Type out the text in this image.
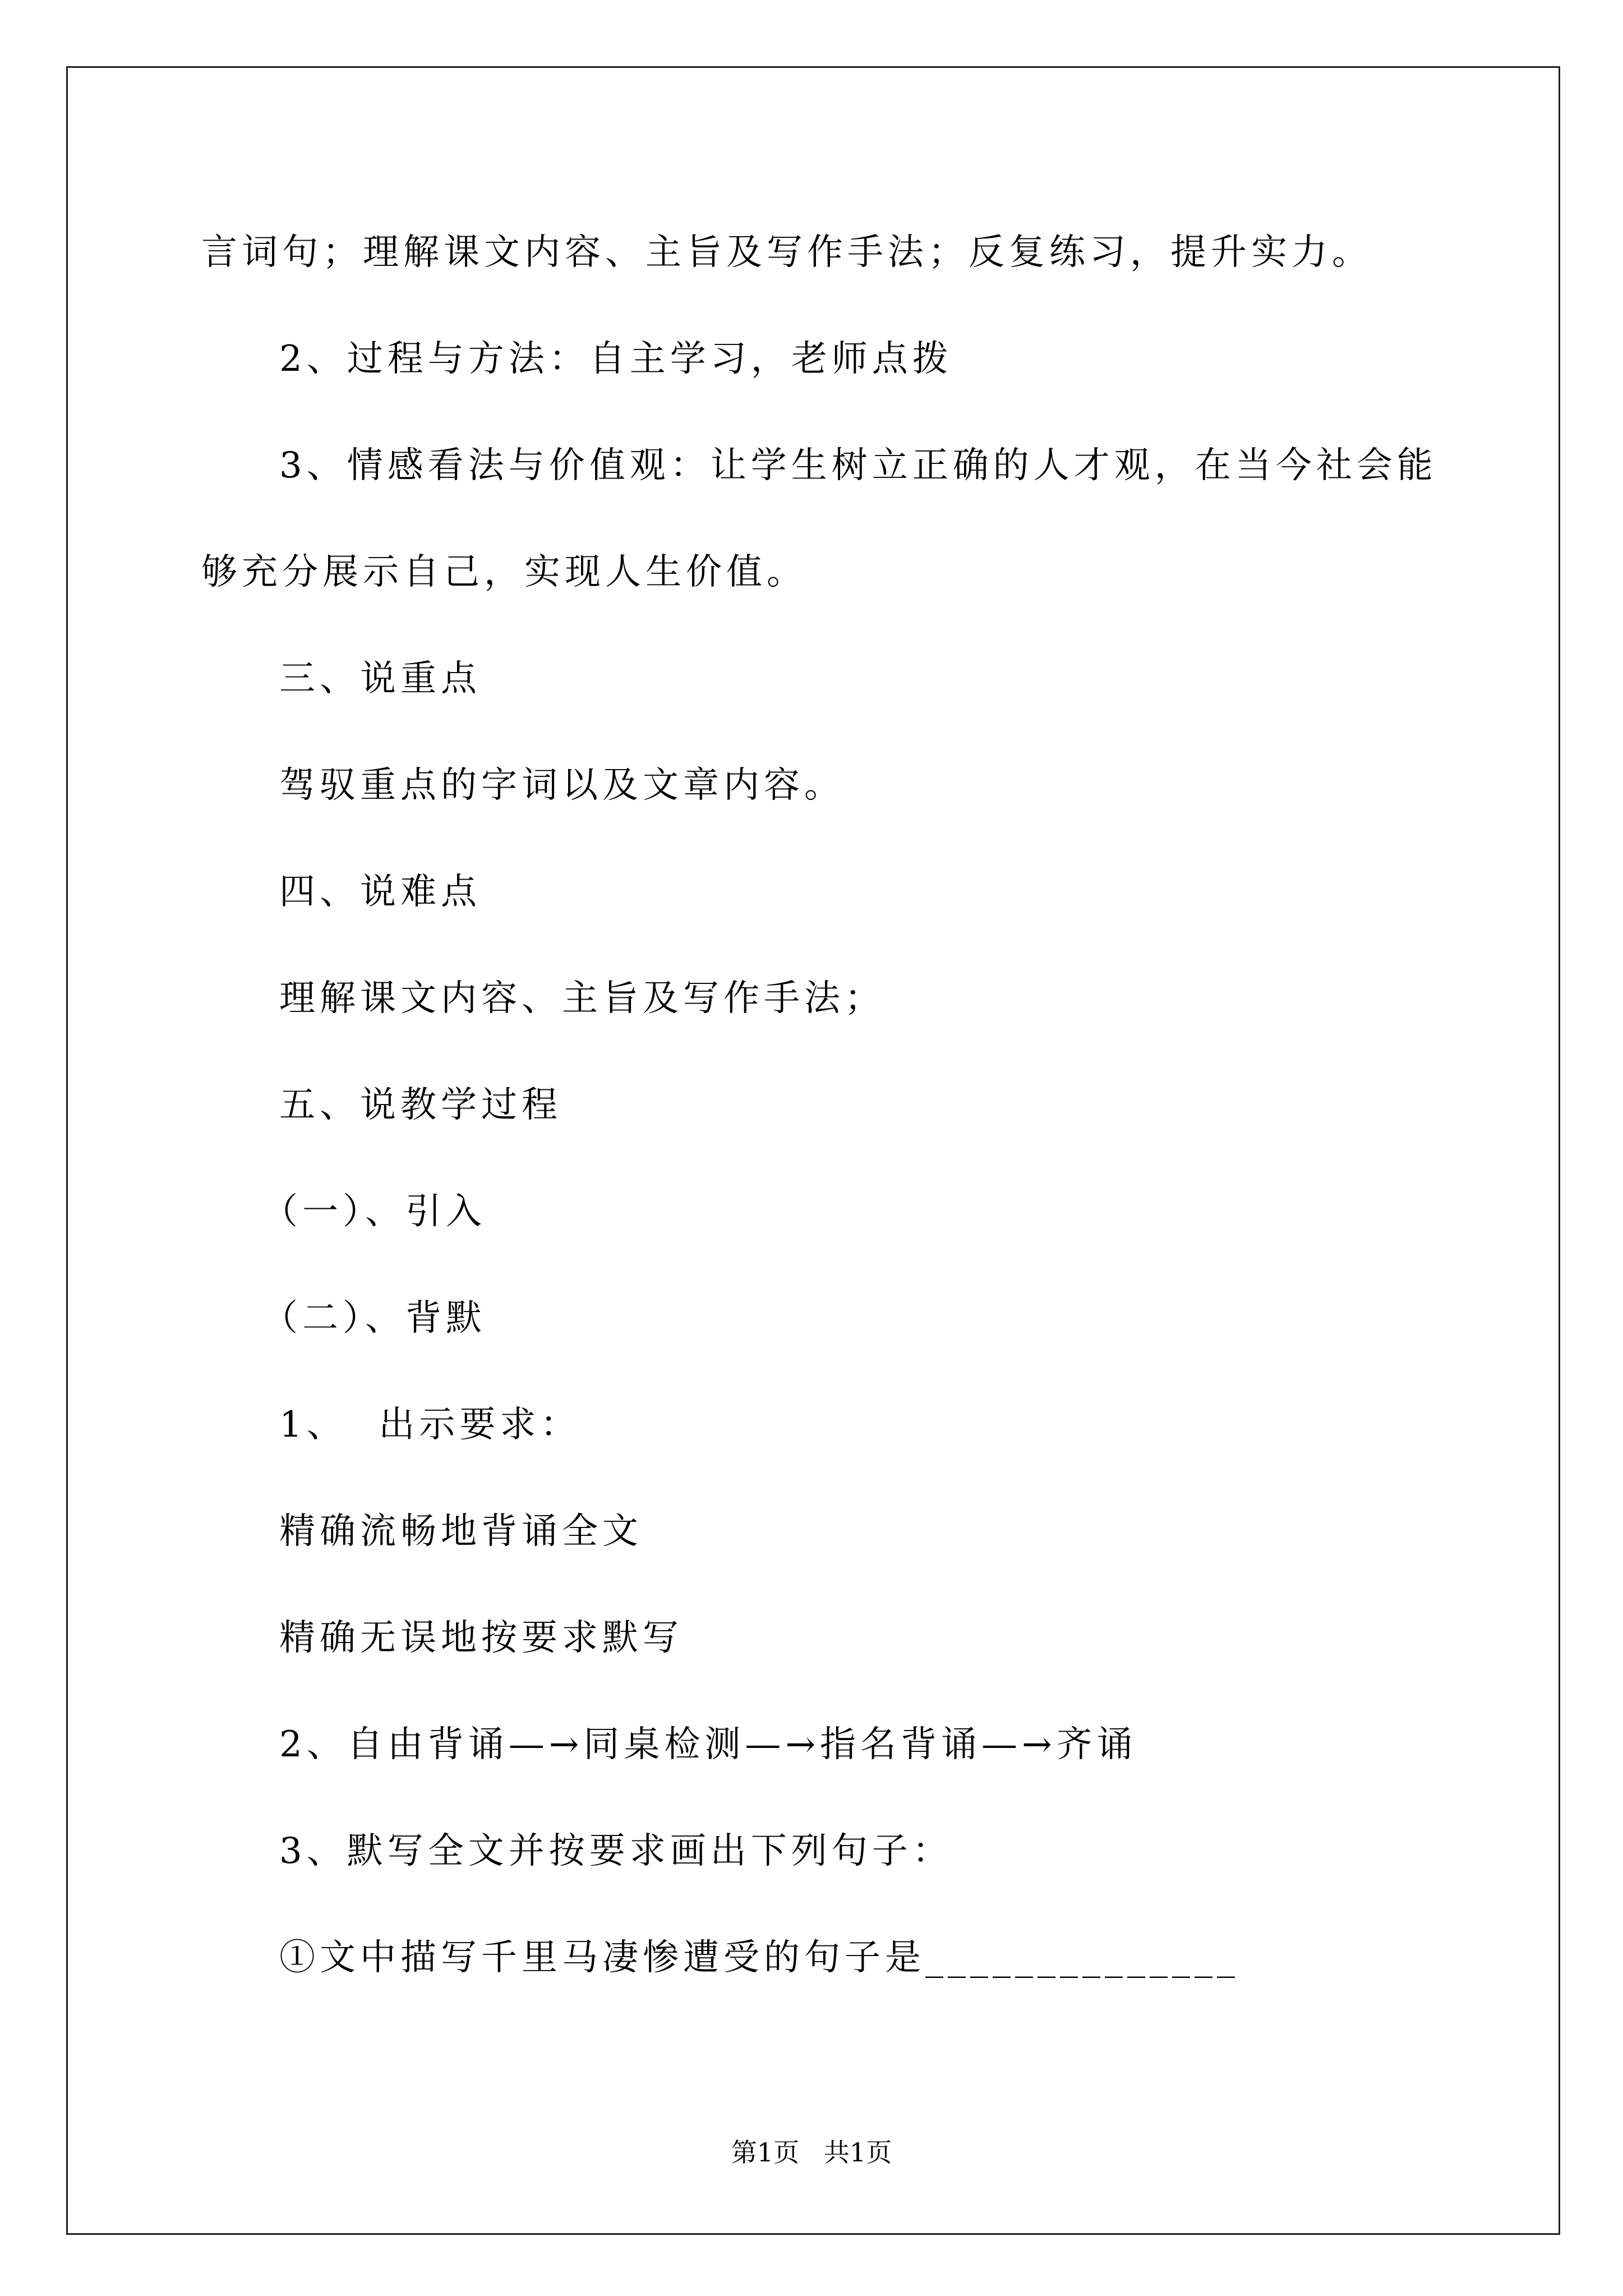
言词句；理解课文内容、主旨及写作手法；反复练习，提升实力。

2、过程与方法：自主学习，老师点拨

3、情感看法与价值观：让学生树立正确的人才观，在当今社会能

够充分展示自己，实现人生价值。

三、说重点

驾驭重点的字词以及文章内容。

四、说难点

理解课文内容、主旨及写作手法；

五、说教学过程

（一）、引入

（二）、背默

1、  出示要求：

精确流畅地背诵全文

精确无误地按要求默写

2、自由背诵—→同桌检测—→指名背诵—→齐诵

3、默写全文并按要求画出下列句子：

①文中描写千里马凄惨遭受的句子是______________

第1页   共1页
